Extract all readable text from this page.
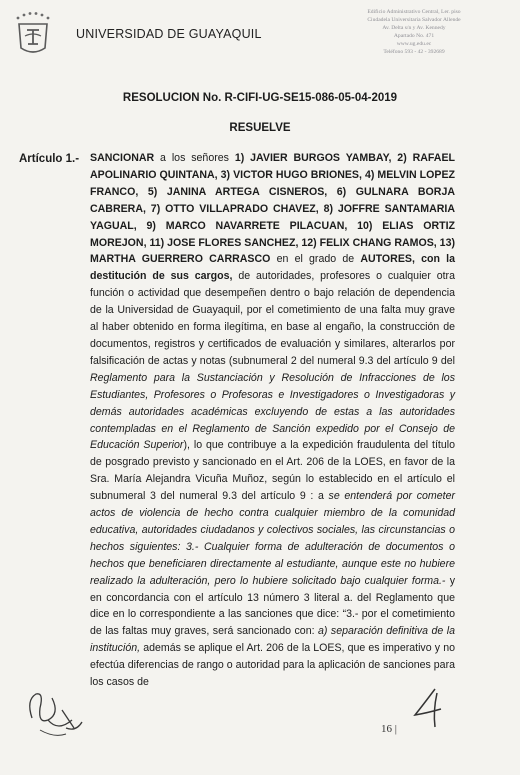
UNIVERSIDAD DE GUAYAQUIL
Edificio Administrativo Central, Ler. piso
Ciudadela Universitaria Salvador Allende
Av. Delta s/n y Av. Kennedy
Apartado No. 471
www.ug.edu.ec
Teléfono 593 - 42 - 392689
RESOLUCION No. R-CIFI-UG-SE15-086-05-04-2019
RESUELVE
Artículo 1.- SANCIONAR a los señores 1) JAVIER BURGOS YAMBAY, 2) RAFAEL APOLINARIO QUINTANA, 3) VICTOR HUGO BRIONES, 4) MELVIN LOPEZ FRANCO, 5) JANINA ARTEGA CISNEROS, 6) GULNARA BORJA CABRERA, 7) OTTO VILLAPRADO CHAVEZ, 8) JOFFRE SANTAMARIA YAGUAL, 9) MARCO NAVARRETE PILACUAN, 10) ELIAS ORTIZ MOREJON, 11) JOSE FLORES SANCHEZ, 12) FELIX CHANG RAMOS, 13) MARTHA GUERRERO CARRASCO en el grado de AUTORES, con la destitución de sus cargos, de autoridades, profesores o cualquier otra función o actividad que desempeñen dentro o bajo relación de dependencia de la Universidad de Guayaquil, por el cometimiento de una falta muy grave al haber obtenido en forma ilegítima, en base al engaño, la construcción de documentos, registros y certificados de evaluación y similares, alterarlos por falsificación de actas y notas (subnumeral 2 del numeral 9.3 del artículo 9 del Reglamento para la Sustanciación y Resolución de Infracciones de los Estudiantes, Profesores o Profesoras e Investigadores o Investigadoras y demás autoridades académicas excluyendo de estas a las autoridades contempladas en el Reglamento de Sanción expedido por el Consejo de Educación Superior), lo que contribuye a la expedición fraudulenta del título de posgrado previsto y sancionado en el Art. 206 de la LOES, en favor de la Sra. María Alejandra Vicuña Muñoz, según lo establecido en el artículo el subnumeral 3 del numeral 9.3 del artículo 9 : a se entenderá por cometer actos de violencia de hecho contra cualquier miembro de la comunidad educativa, autoridades ciudadanos y colectivos sociales, las circunstancias o hechos siguientes: 3.- Cualquier forma de adulteración de documentos o hechos que beneficiaren directamente al estudiante, aunque este no hubiere realizado la adulteración, pero lo hubiere solicitado bajo cualquier forma.- y en concordancia con el artículo 13 número 3 literal a. del Reglamento que dice en lo correspondiente a las sanciones que dice: “3.- por el cometimiento de las faltas muy graves, será sancionado con: a) separación definitiva de la institución, además se aplique el Art. 206 de la LOES, que es imperativo y no efectúa diferencias de rango o autoridad para la aplicación de sanciones para los casos de
16 |
